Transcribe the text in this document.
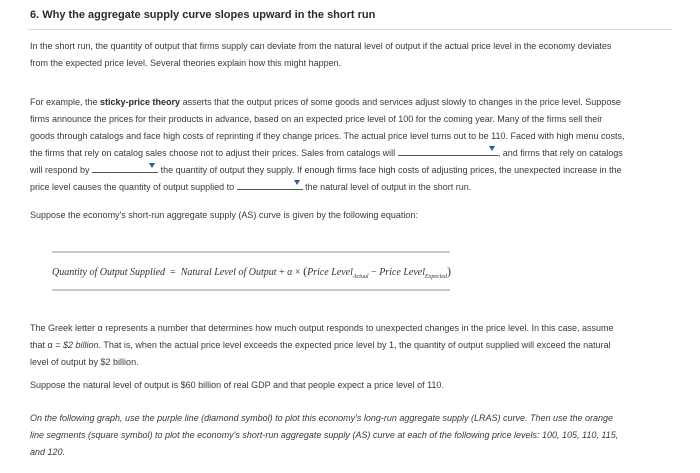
6. Why the aggregate supply curve slopes upward in the short run
In the short run, the quantity of output that firms supply can deviate from the natural level of output if the actual price level in the economy deviates
from the expected price level. Several theories explain how this might happen.
For example, the sticky-price theory asserts that the output prices of some goods and services adjust slowly to changes in the price level. Suppose
firms announce the prices for their products in advance, based on an expected price level of 100 for the coming year. Many of the firms sell their
goods through catalogs and face high costs of reprinting if they change prices. The actual price level turns out to be 110. Faced with high menu costs,
the firms that rely on catalog sales choose not to adjust their prices. Sales from catalogs will	, and firms that rely on catalogs
will respond by	the quantity of output they supply. If enough firms face high costs of adjusting prices, the unexpected increase in the
price level causes the quantity of output supplied to	the natural level of output in the short run.
Suppose the economy's short-run aggregate supply (AS) curve is given by the following equation:
Quantity of Output Supplied = Natural Level of Output + α × (Price Level$_{Actual}$ − Price Level$_{Expected}$)
The Greek letter α represents a number that determines how much output responds to unexpected changes in the price level. In this case, assume
that α = $2 billion. That is, when the actual price level exceeds the expected price level by 1, the quantity of output supplied will exceed the natural
level of output by $2 billion.
Suppose the natural level of output is $60 billion of real GDP and that people expect a price level of 110.
On the following graph, use the purple line (diamond symbol) to plot this economy's long-run aggregate supply (LRAS) curve. Then use the orange
line segments (square symbol) to plot the economy's short-run aggregate supply (AS) curve at each of the following price levels: 100, 105, 110, 115,
and 120.
